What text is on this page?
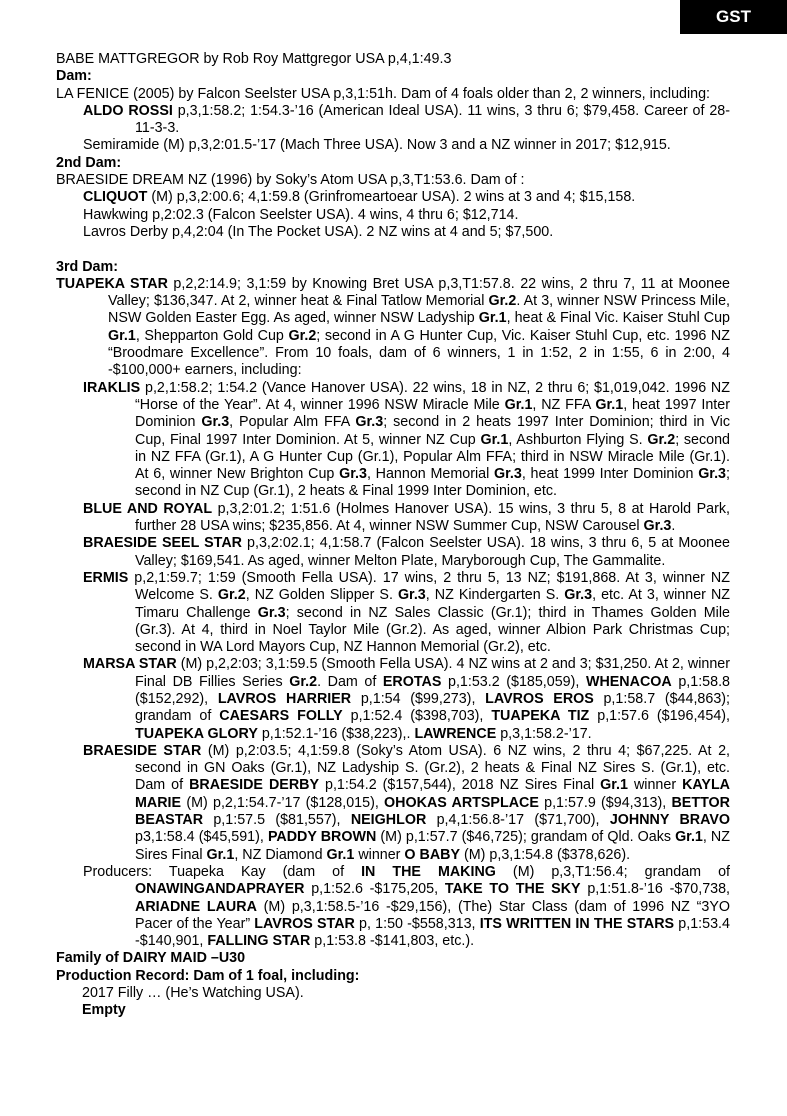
GST

BABE MATTGREGOR by Rob Roy Mattgregor USA p,4,1:49.3

Dam:

LA FENICE (2005) by Falcon Seelster USA p,3,1:51h. Dam of 4 foals older than 2, 2 winners, including:

ALDO ROSSI p,3,1:58.2; 1:54.3-’16 (American Ideal USA). 11 wins, 3 thru 6; $79,458. Career of 28-11-3-3.

Semiramide (M) p,3,2:01.5-’17 (Mach Three USA). Now 3 and a NZ winner in 2017; $12,915.

2nd Dam:

BRAESIDE DREAM NZ (1996) by Soky’s Atom USA p,3,T1:53.6. Dam of :

CLIQUOT (M) p,3,2:00.6; 4,1:59.8 (Grinfromeartoear USA). 2 wins at 3 and 4; $15,158.

Hawkwing p,2:02.3 (Falcon Seelster USA). 4 wins, 4 thru 6; $12,714.

Lavros Derby p,4,2:04 (In The Pocket USA). 2 NZ wins at 4 and 5; $7,500.

3rd Dam:

TUAPEKA STAR p,2,2:14.9; 3,1:59 by Knowing Bret USA p,3,T1:57.8. 22 wins, 2 thru 7, 11 at Moonee Valley; $136,347. At 2, winner heat & Final Tatlow Memorial Gr.2. At 3, winner NSW Princess Mile, NSW Golden Easter Egg. As aged, winner NSW Ladyship Gr.1, heat & Final Vic. Kaiser Stuhl Cup Gr.1, Shepparton Gold Cup Gr.2; second in A G Hunter Cup, Vic. Kaiser Stuhl Cup, etc. 1996 NZ “Broodmare Excellence”. From 10 foals, dam of 6 winners, 1 in 1:52, 2 in 1:55, 6 in 2:00, 4 -$100,000+ earners, including:

IRAKLIS p,2,1:58.2; 1:54.2 (Vance Hanover USA). 22 wins, 18 in NZ, 2 thru 6; $1,019,042. 1996 NZ “Horse of the Year”. At 4, winner 1996 NSW Miracle Mile Gr.1, NZ FFA Gr.1, heat 1997 Inter Dominion Gr.3, Popular Alm FFA Gr.3; second in 2 heats 1997 Inter Dominion; third in Vic Cup, Final 1997 Inter Dominion. At 5, winner NZ Cup Gr.1, Ashburton Flying S. Gr.2; second in NZ FFA (Gr.1), A G Hunter Cup (Gr.1), Popular Alm FFA; third in NSW Miracle Mile (Gr.1). At 6, winner New Brighton Cup Gr.3, Hannon Memorial Gr.3, heat 1999 Inter Dominion Gr.3; second in NZ Cup (Gr.1), 2 heats & Final 1999 Inter Dominion, etc.

BLUE AND ROYAL p,3,2:01.2; 1:51.6 (Holmes Hanover USA). 15 wins, 3 thru 5, 8 at Harold Park, further 28 USA wins; $235,856. At 4, winner NSW Summer Cup, NSW Carousel Gr.3.

BRAESIDE SEEL STAR p,3,2:02.1; 4,1:58.7 (Falcon Seelster USA). 18 wins, 3 thru 6, 5 at Moonee Valley; $169,541. As aged, winner Melton Plate, Maryborough Cup, The Gammalite.

ERMIS p,2,1:59.7; 1:59 (Smooth Fella USA). 17 wins, 2 thru 5, 13 NZ; $191,868. At 3, winner NZ Welcome S. Gr.2, NZ Golden Slipper S. Gr.3, NZ Kindergarten S. Gr.3, etc. At 3, winner NZ Timaru Challenge Gr.3; second in NZ Sales Classic (Gr.1); third in Thames Golden Mile (Gr.3). At 4, third in Noel Taylor Mile (Gr.2). As aged, winner Albion Park Christmas Cup; second in WA Lord Mayors Cup, NZ Hannon Memorial (Gr.2), etc.

MARSA STAR (M) p,2,2:03; 3,1:59.5 (Smooth Fella USA). 4 NZ wins at 2 and 3; $31,250. At 2, winner Final DB Fillies Series Gr.2. Dam of EROTAS p,1:53.2 ($185,059), WHENACOA p,1:58.8 ($152,292), LAVROS HARRIER p,1:54 ($99,273), LAVROS EROS p,1:58.7 ($44,863); grandam of CAESARS FOLLY p,1:52.4 ($398,703), TUAPEKA TIZ p,1:57.6 ($196,454), TUAPEKA GLORY p,1:52.1-’16 ($38,223),. LAWRENCE p,3,1:58.2-’17.

BRAESIDE STAR (M) p,2:03.5; 4,1:59.8 (Soky’s Atom USA). 6 NZ wins, 2 thru 4; $67,225. At 2, second in GN Oaks (Gr.1), NZ Ladyship S. (Gr.2), 2 heats & Final NZ Sires S. (Gr.1), etc. Dam of BRAESIDE DERBY p,1:54.2 ($157,544), 2018 NZ Sires Final Gr.1 winner KAYLA MARIE (M) p,2,1:54.7-’17 ($128,015), OHOKAS ARTSPLACE p,1:57.9 ($94,313), BETTOR BEASTAR p,1:57.5 ($81,557), NEIGHLOR p,4,1:56.8-’17 ($71,700), JOHNNY BRAVO p3,1:58.4 ($45,591), PADDY BROWN (M) p,1:57.7 ($46,725); grandam of Qld. Oaks Gr.1, NZ Sires Final Gr.1, NZ Diamond Gr.1 winner O BABY (M) p,3,1:54.8 ($378,626).

Producers: Tuapeka Kay (dam of IN THE MAKING (M) p,3,T1:56.4; grandam of ONAWINGANDAPRAYER p,1:52.6 -$175,205, TAKE TO THE SKY p,1:51.8-’16 -$70,738, ARIADNE LAURA (M) p,3,1:58.5-’16 -$29,156), (The) Star Class (dam of 1996 NZ “3YO Pacer of the Year” LAVROS STAR p, 1:50 -$558,313, ITS WRITTEN IN THE STARS p,1:53.4 -$140,901, FALLING STAR p,1:53.8 -$141,803, etc.).

Family of DAIRY MAID –U30

Production Record: Dam of 1 foal, including:

2017 Filly … (He’s Watching USA).

Empty
